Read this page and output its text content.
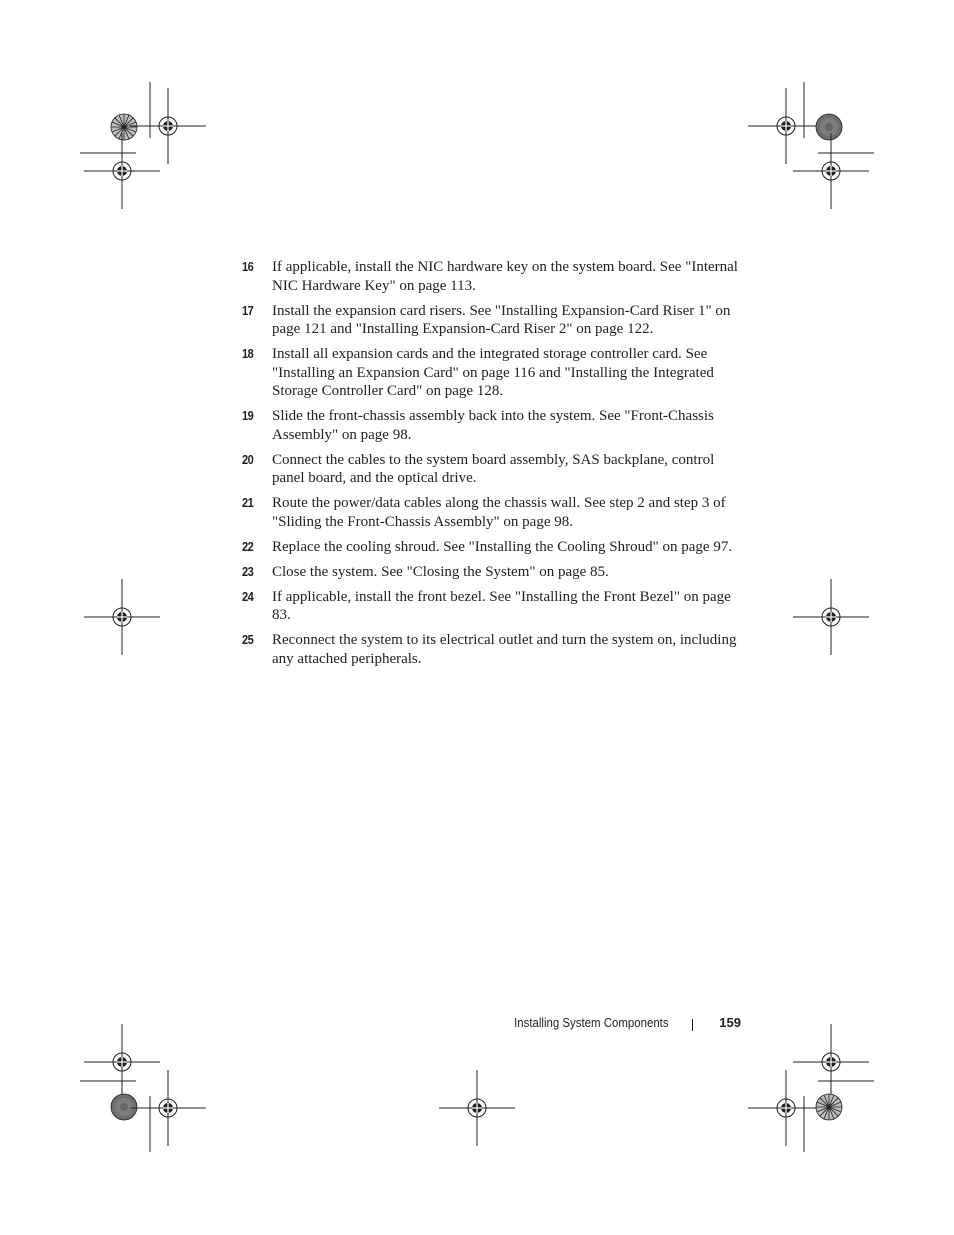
16 If applicable, install the NIC hardware key on the system board. See "Internal NIC Hardware Key" on page 113.
17 Install the expansion card risers. See "Installing Expansion-Card Riser 1" on page 121 and "Installing Expansion-Card Riser 2" on page 122.
18 Install all expansion cards and the integrated storage controller card. See "Installing an Expansion Card" on page 116 and "Installing the Integrated Storage Controller Card" on page 128.
19 Slide the front-chassis assembly back into the system. See "Front-Chassis Assembly" on page 98.
20 Connect the cables to the system board assembly, SAS backplane, control panel board, and the optical drive.
21 Route the power/data cables along the chassis wall. See step 2 and step 3 of "Sliding the Front-Chassis Assembly" on page 98.
22 Replace the cooling shroud. See "Installing the Cooling Shroud" on page 97.
23 Close the system. See "Closing the System" on page 85.
24 If applicable, install the front bezel. See "Installing the Front Bezel" on page 83.
25 Reconnect the system to its electrical outlet and turn the system on, including any attached peripherals.
Installing System Components	159
